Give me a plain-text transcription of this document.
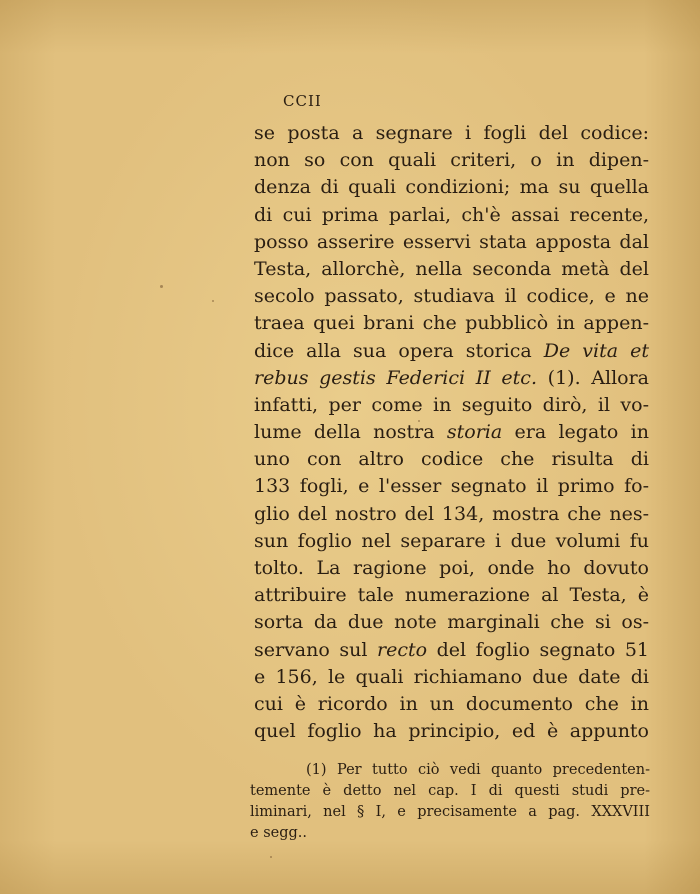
CCII
se posta a segnare i fogli del codice:
non so con quali criteri, o in dipen-
denza di quali condizioni; ma su quella
di cui prima parlai, ch'è assai recente,
posso asserire esservi stata apposta dal
Testa, allorchè, nella seconda metà del
secolo passato, studiava il codice, e ne
traea quei brani che pubblicò in appen-
dice alla sua opera storica De vita et
rebus gestis Federici II etc. (1). Allora
infatti, per come in seguito dirò, il vo-
lume della nostra storia era legato in
uno con altro codice che risulta di
133 fogli, e l'esser segnato il primo fo-
glio del nostro del 134, mostra che nes-
sun foglio nel separare i due volumi fu
tolto. La ragione poi, onde ho dovuto
attribuire tale numerazione al Testa, è
sorta da due note marginali che si os-
servano sul recto del foglio segnato 51
e 156, le quali richiamano due date di
cui è ricordo in un documento che in
quel foglio ha principio, ed è appunto
(1) Per tutto ciò vedi quanto precedenten-
temente è detto nel cap. I di questi studi pre-
liminari, nel § I, e precisamente a pag. XXXVIII
e segg..
